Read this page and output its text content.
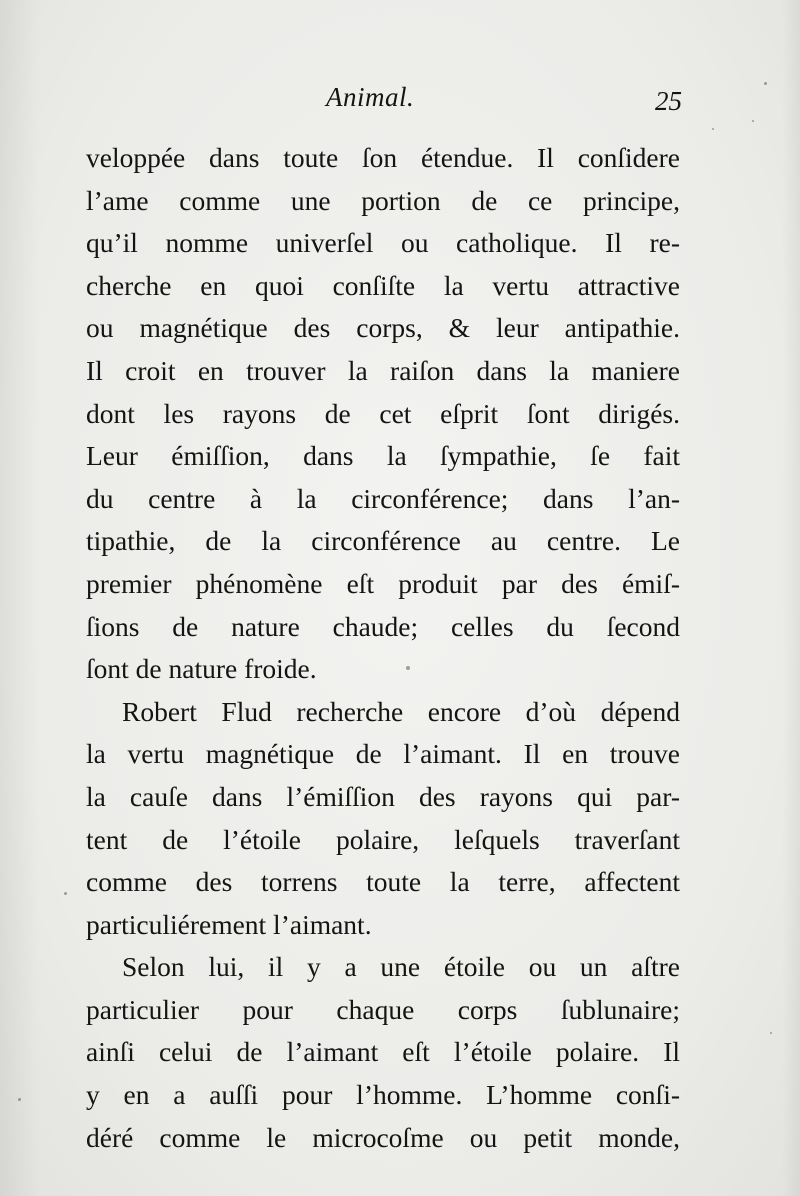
Animal.	25
veloppée dans toute ſon étendue. Il conſidere
l’ame comme une portion de ce principe,
qu’il nomme univerſel ou catholique. Il re-
cherche en quoi conſiſte la vertu attractive
ou magnétique des corps, & leur antipathie.
Il croit en trouver la raiſon dans la maniere
dont les rayons de cet eſprit ſont dirigés.
Leur émiſſion, dans la ſympathie, ſe fait
du centre à la circonférence; dans l’an-
tipathie, de la circonférence au centre. Le
premier phénomène eſt produit par des émiſ-
ſions de nature chaude; celles du ſecond
ſont de nature froide.
Robert Flud recherche encore d’où dépend
la vertu magnétique de l’aimant. Il en trouve
la cauſe dans l’émiſſion des rayons qui par-
tent de l’étoile polaire, leſquels traverſant
comme des torrens toute la terre, affectent
particuliérement l’aimant.
Selon lui, il y a une étoile ou un aſtre
particulier pour chaque corps ſublunaire;
ainſi celui de l’aimant eſt l’étoile polaire. Il
y en a auſſi pour l’homme. L’homme conſi-
déré comme le microcoſme ou petit monde,
